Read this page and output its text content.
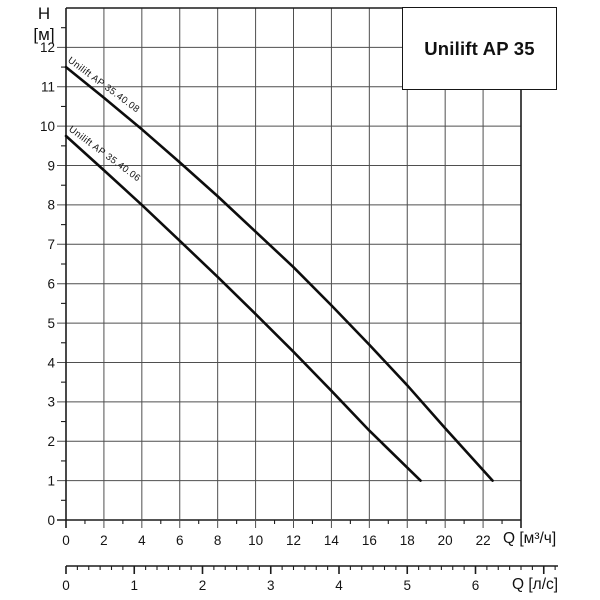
0 2 4 6 8 10 12 14 16 18 20 22
0
1
2
3
4
5
6
7
8
9
10
11
12
0	1	2	3	4	5	6
H
[м]
Unilift AP 35
Q [м³/ч]
Q [л/с]
Unilift AP 35.40.08
Unilift AP 35.40.06
